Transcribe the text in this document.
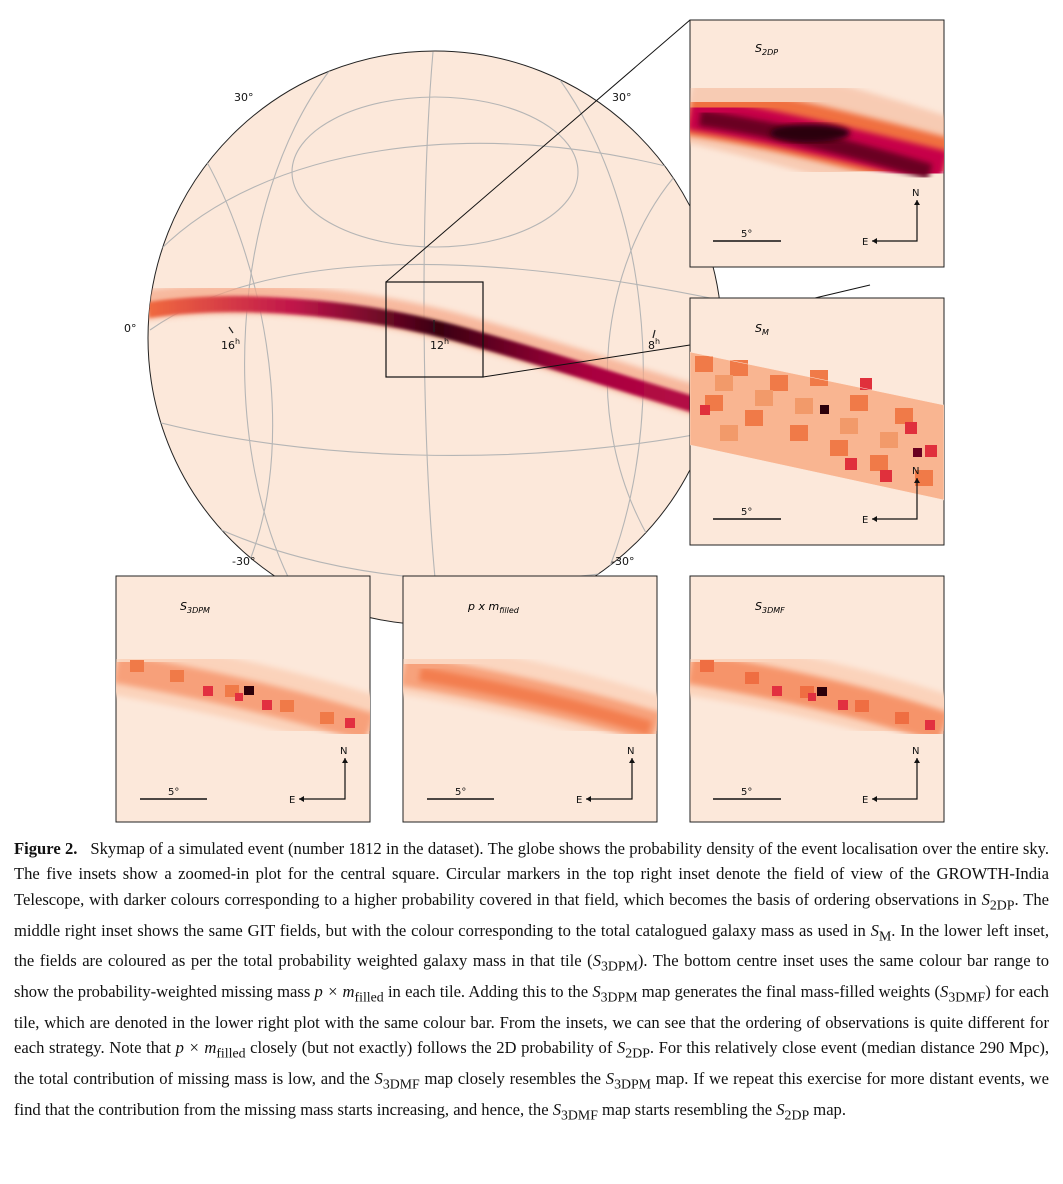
30°	30°
-30°	-30°
0°
16$^h$	12$^h$	8$^h$
$S_{2DP}$
5°
N
E
$S_M$
5°
N
E
$S_{3DPM}$
5°
N
E
p x $m_{filled}$
5°
N
E
$S_{3DMF}$
5°
N
E
Figure 2. Skymap of a simulated event (number 1812 in the dataset). The globe shows the probability density of the event localisation over the entire sky. The five insets show a zoomed-in plot for the central square. Circular markers in the top right inset denote the field of view of the GROWTH-India Telescope, with darker colours corresponding to a higher probability covered in that field, which becomes the basis of ordering observations in $S_{2DP}$. The middle right inset shows the same GIT fields, but with the colour corresponding to the total catalogued galaxy mass as used in $S_M$. In the lower left inset, the fields are coloured as per the total probability weighted galaxy mass in that tile $(S_{3DPM})$. The bottom centre inset uses the same colour bar range to show the probability-weighted missing mass $p \times m_{filled}$ in each tile. Adding this to the $S_{3DPM}$ map generates the final mass-filled weights $(S_{3DMF})$ for each tile, which are denoted in the lower right plot with the same colour bar. From the insets, we can see that the ordering of observations is quite different for each strategy. Note that $p \times m_{filled}$ closely (but not exactly) follows the 2D probability of $S_{2DP}$. For this relatively close event (median distance 290 Mpc), the total contribution of missing mass is low, and the $S_{3DMF}$ map closely resembles the $S_{3DPM}$ map. If we repeat this exercise for more distant events, we find that the contribution from the missing mass starts increasing, and hence, the $S_{3DMF}$ map starts resembling the $S_{2DP}$ map.
